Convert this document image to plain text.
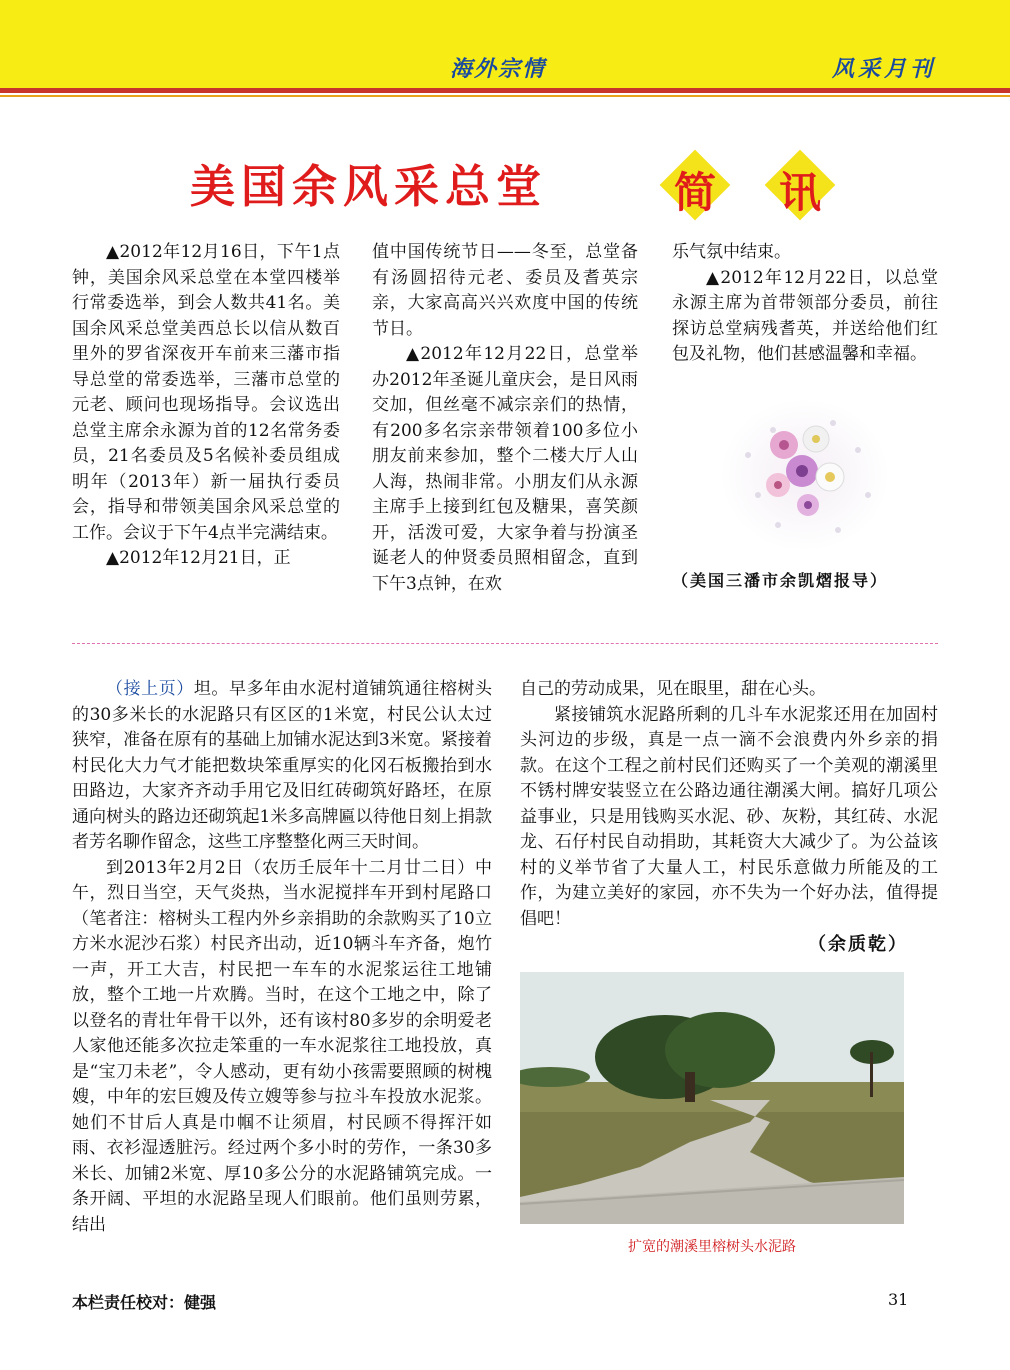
海外宗情	风采月刊
美国余风采总堂	简	讯

▲2012年12月16日，下午1点钟，美国余风采总堂在本堂四楼举行常委选举，到会人数共41名。美国余风采总堂美西总长以信从数百里外的罗省深夜开车前来三藩市指导总堂的常委选举，三藩市总堂的元老、顾问也现场指导。会议选出总堂主席余永源为首的12名常务委员，21名委员及5名候补委员组成明年（2013年）新一届执行委员会，指导和带领美国余风采总堂的工作。会议于下午4点半完满结束。

▲2012年12月21日，正

值中国传统节日——冬至，总堂备有汤圆招待元老、委员及耆英宗亲，大家高高兴兴欢度中国的传统节日。

▲2012年12月22日，总堂举办2012年圣诞儿童庆会，是日风雨交加，但丝毫不减宗亲们的热情，有200多名宗亲带领着100多位小朋友前来参加，整个二楼大厅人山人海，热闹非常。小朋友们从永源主席手上接到红包及糖果，喜笑颜开，活泼可爱，大家争着与扮演圣诞老人的仲贤委员照相留念，直到下午3点钟，在欢

乐气氛中结束。

▲2012年12月22日，以总堂永源主席为首带领部分委员，前往探访总堂病残耆英，并送给他们红包及礼物，他们甚感温馨和幸福。

（美国三潘市余凯熠报导）

（接上页）坦。早多年由水泥村道铺筑通往榕树头的30多米长的水泥路只有区区的1米宽，村民公认太过狭窄，准备在原有的基础上加铺水泥达到3米宽。紧接着村民化大力气才能把数块笨重厚实的化冈石板搬抬到水田路边，大家齐齐动手用它及旧红砖砌筑好路坯，在原通向树头的路边还砌筑起1米多高牌匾以待他日刻上捐款者芳名聊作留念，这些工序整整化两三天时间。

到2013年2月2日（农历壬辰年十二月廿二日）中午，烈日当空，天气炎热，当水泥搅拌车开到村尾路口（笔者注：榕树头工程内外乡亲捐助的余款购买了10立方米水泥沙石浆）村民齐出动，近10辆斗车齐备，炮竹一声，开工大吉，村民把一车车的水泥浆运往工地铺放，整个工地一片欢腾。当时，在这个工地之中，除了以登名的青壮年骨干以外，还有该村80多岁的余明爱老人家他还能多次拉走笨重的一车水泥浆往工地投放，真是“宝刀未老”，令人感动，更有幼小孩需要照顾的树槐嫂，中年的宏巨嫂及传立嫂等参与拉斗车投放水泥浆。她们不甘后人真是巾帼不让须眉，村民顾不得挥汗如雨、衣衫湿透脏污。经过两个多小时的劳作，一条30多米长、加铺2米宽、厚10多公分的水泥路铺筑完成。一条开阔、平坦的水泥路呈现人们眼前。他们虽则劳累，结出

自己的劳动成果，见在眼里，甜在心头。

紧接铺筑水泥路所剩的几斗车水泥浆还用在加固村头河边的步级，真是一点一滴不会浪费内外乡亲的捐款。在这个工程之前村民们还购买了一个美观的潮溪里不锈村牌安装竖立在公路边通往潮溪大闸。搞好几项公益事业，只是用钱购买水泥、砂、灰粉，其红砖、水泥龙、石仔村民自动捐助，其耗资大大减少了。为公益该村的义举节省了大量人工，村民乐意做力所能及的工作，为建立美好的家园，亦不失为一个好办法，值得提倡吧！

（余质乾）
扩宽的潮溪里榕树头水泥路
本栏责任校对：健强	31
